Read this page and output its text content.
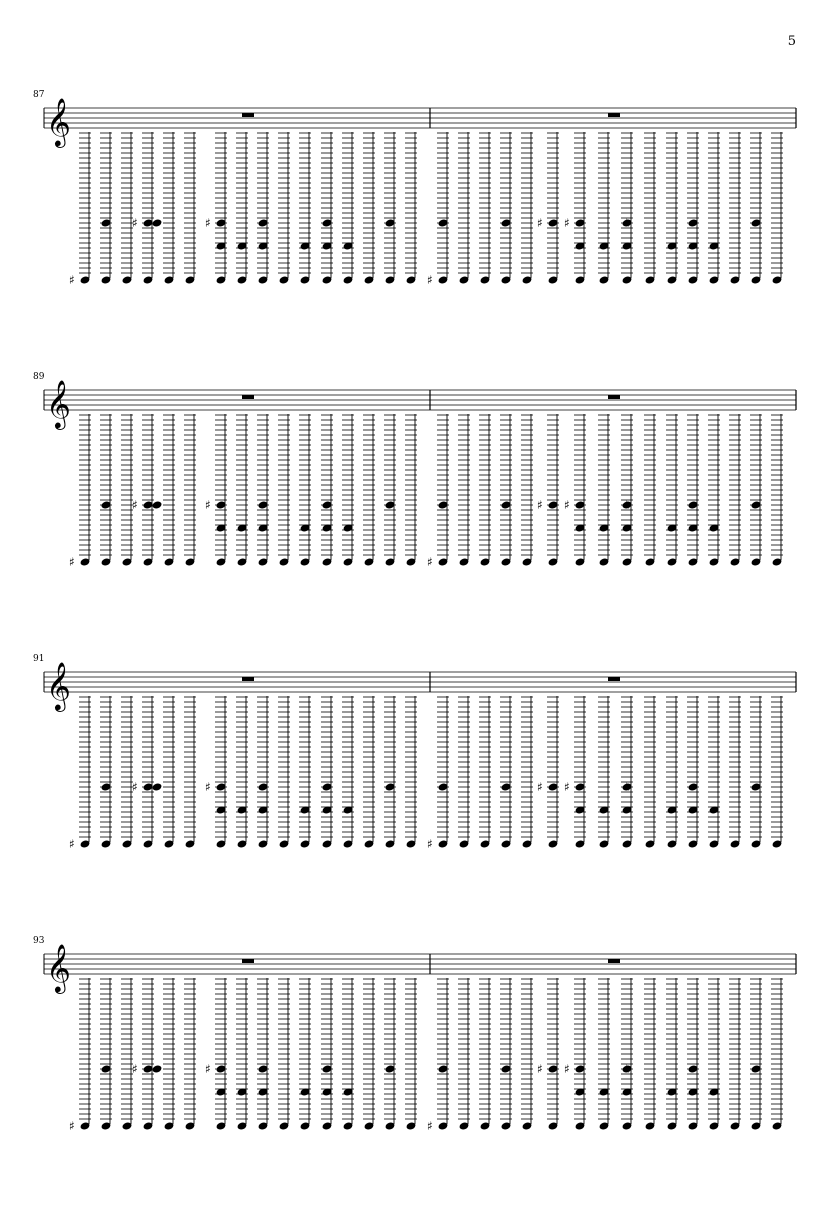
5
87
𝄞
♯	♯
♯
♯ ♯	♮
♯
89
𝄞
♯	♯
♯
♯ ♯	♮
♯
91
𝄞
♯	♯
♯
♯ ♯	♮
♯
93
𝄞
♯	♯
♯
♯ ♯	♮
♯
